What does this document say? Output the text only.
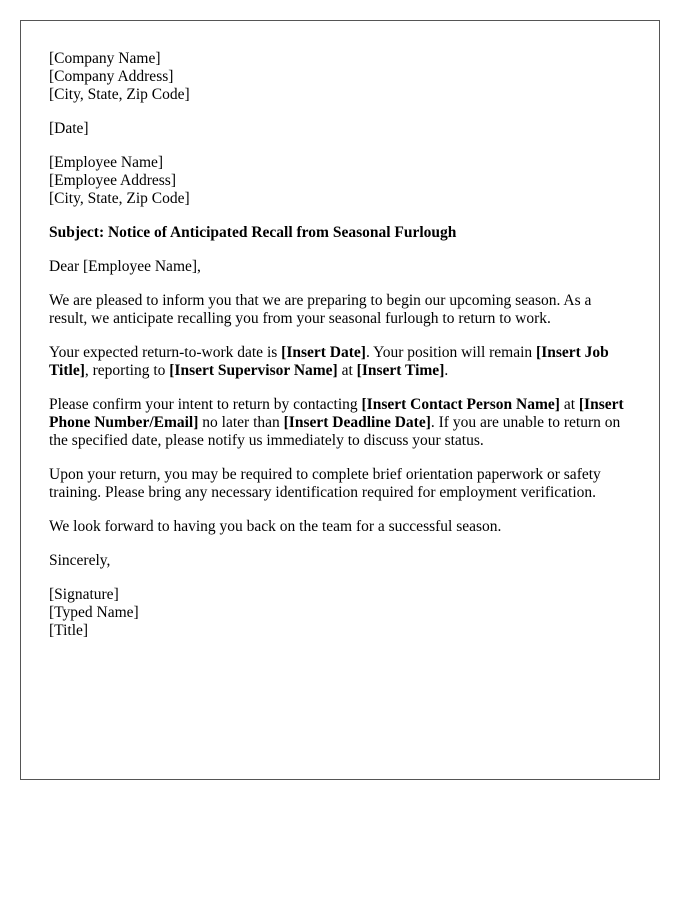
[Company Name]
[Company Address]
[City, State, Zip Code]
[Date]
[Employee Name]
[Employee Address]
[City, State, Zip Code]

Subject: Notice of Anticipated Recall from Seasonal Furlough

Dear [Employee Name],

We are pleased to inform you that we are preparing to begin our upcoming season. As a result, we anticipate recalling you from your seasonal furlough to return to work.

Your expected return-to-work date is [Insert Date]. Your position will remain [Insert Job Title], reporting to [Insert Supervisor Name] at [Insert Time].

Please confirm your intent to return by contacting [Insert Contact Person Name] at [Insert Phone Number/Email] no later than [Insert Deadline Date]. If you are unable to return on the specified date, please notify us immediately to discuss your status.

Upon your return, you may be required to complete brief orientation paperwork or safety training. Please bring any necessary identification required for employment verification.

We look forward to having you back on the team for a successful season.

Sincerely,

[Signature]
[Typed Name]
[Title]
